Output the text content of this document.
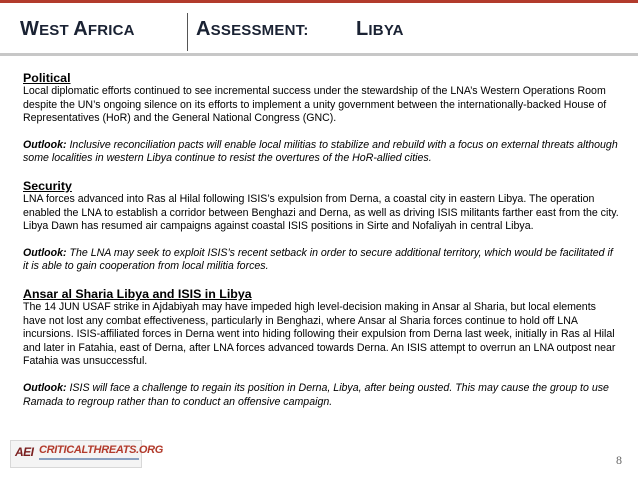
WEST AFRICA	ASSESSMENT: LIBYA
Political

Local diplomatic efforts continued to see incremental success under the stewardship of the LNA’s Western Operations Room despite the UN’s ongoing silence on its efforts to implement a unity government between the internationally-backed House of Representatives (HoR) and the General National Congress (GNC).

Outlook: Inclusive reconciliation pacts will enable local militias to stabilize and rebuild with a focus on external threats although some localities in western Libya continue to resist the overtures of the HoR-allied cities.

Security

LNA forces advanced into Ras al Hilal following ISIS’s expulsion from Derna, a coastal city in eastern Libya. The operation enabled the LNA to establish a corridor between Benghazi and Derna, as well as driving ISIS militants farther east from the city. Libya Dawn has resumed air campaigns against coastal ISIS positions in Sirte and Nofaliyah in central Libya.

Outlook: The LNA may seek to exploit ISIS’s recent setback in order to secure additional territory, which would be facilitated if it is able to gain cooperation from local militia forces.

Ansar al Sharia Libya and ISIS in Libya

The 14 JUN USAF strike in Ajdabiyah may have impeded high level-decision making in Ansar al Sharia, but local elements have not lost any combat effectiveness, particularly in Benghazi, where Ansar al Sharia forces continue to hold off LNA incursions. ISIS-affiliated forces in Derna went into hiding following their expulsion from Derna last week, initially in Ras al Hilal and later in Fatahia, east of Derna, after LNA forces advanced towards Derna. An ISIS attempt to overrun an LNA outpost near Fatahia was unsuccessful.

Outlook: ISIS will face a challenge to regain its position in Derna, Libya, after being ousted. This may cause the group to use Ramada to regroup rather than to conduct an offensive campaign.

AEI CRITICALTHREATS.ORG
8
